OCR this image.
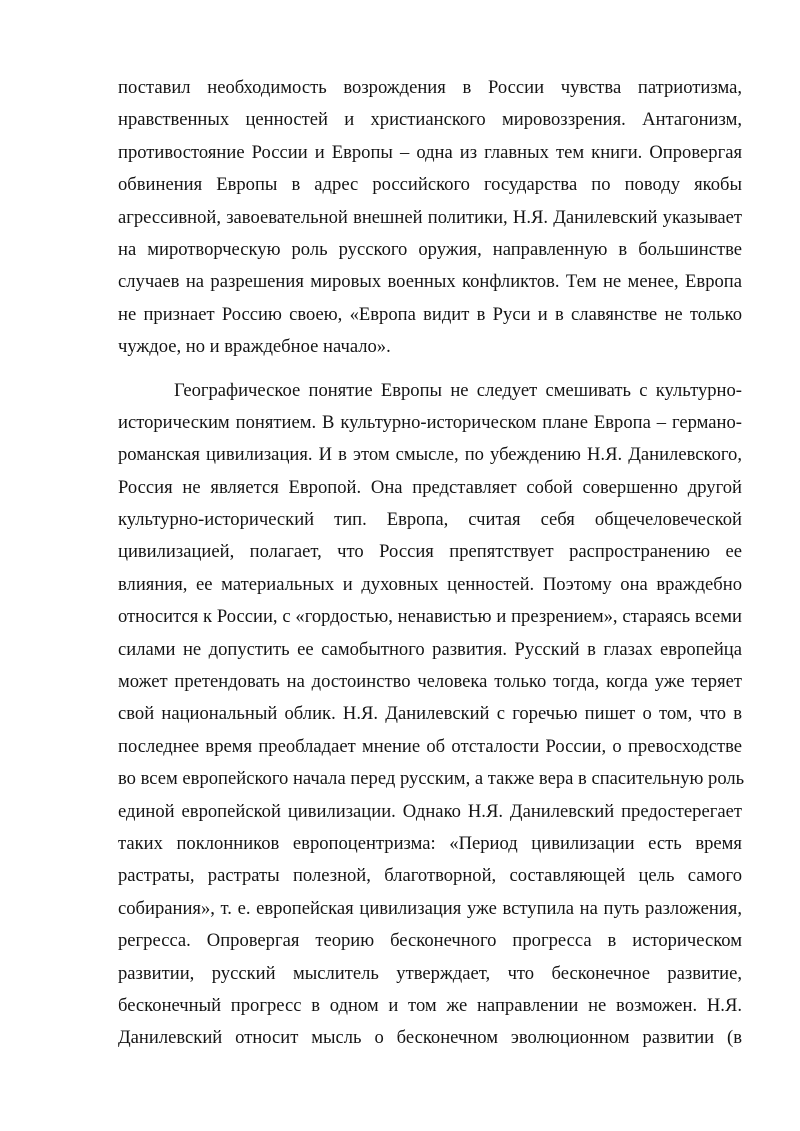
поставил необходимость возрождения в России чувства патриотизма,
нравственных ценностей и христианского мировоззрения. Антагонизм,
противостояние России и Европы – одна из главных тем книги. Опровергая
обвинения Европы в адрес российского государства по поводу якобы
агрессивной, завоевательной внешней политики, Н.Я. Данилевский указывает
на миротворческую роль русского оружия, направленную в большинстве
случаев на разрешения мировых военных конфликтов. Тем не менее, Европа
не признает Россию своею, «Европа видит в Руси и в славянстве не только
чуждое, но и враждебное начало».

Географическое понятие Европы не следует смешивать с культурно-
историческим понятием. В культурно-историческом плане Европа – германо-
романская цивилизация. И в этом смысле, по убеждению Н.Я. Данилевского,
Россия не является Европой. Она представляет собой совершенно другой
культурно-исторический тип. Европа, считая себя общечеловеческой
цивилизацией, полагает, что Россия препятствует распространению ее
влияния, ее материальных и духовных ценностей. Поэтому она враждебно
относится к России, с «гордостью, ненавистью и презрением», стараясь всеми
силами не допустить ее самобытного развития. Русский в глазах европейца
может претендовать на достоинство человека только тогда, когда уже теряет
свой национальный облик. Н.Я. Данилевский с горечью пишет о том, что в
последнее время преобладает мнение об отсталости России, о превосходстве
во всем европейского начала перед русским, а также вера в спасительную роль
единой европейской цивилизации. Однако Н.Я. Данилевский предостерегает
таких поклонников европоцентризма: «Период цивилизации есть время
растраты, растраты полезной, благотворной, составляющей цель самого
собирания», т. е. европейская цивилизация уже вступила на путь разложения,
регресса. Опровергая теорию бесконечного прогресса в историческом
развитии, русский мыслитель утверждает, что бесконечное развитие,
бесконечный прогресс в одном и том же направлении не возможен. Н.Я.
Данилевский относит мысль о бесконечном эволюционном развитии (в
